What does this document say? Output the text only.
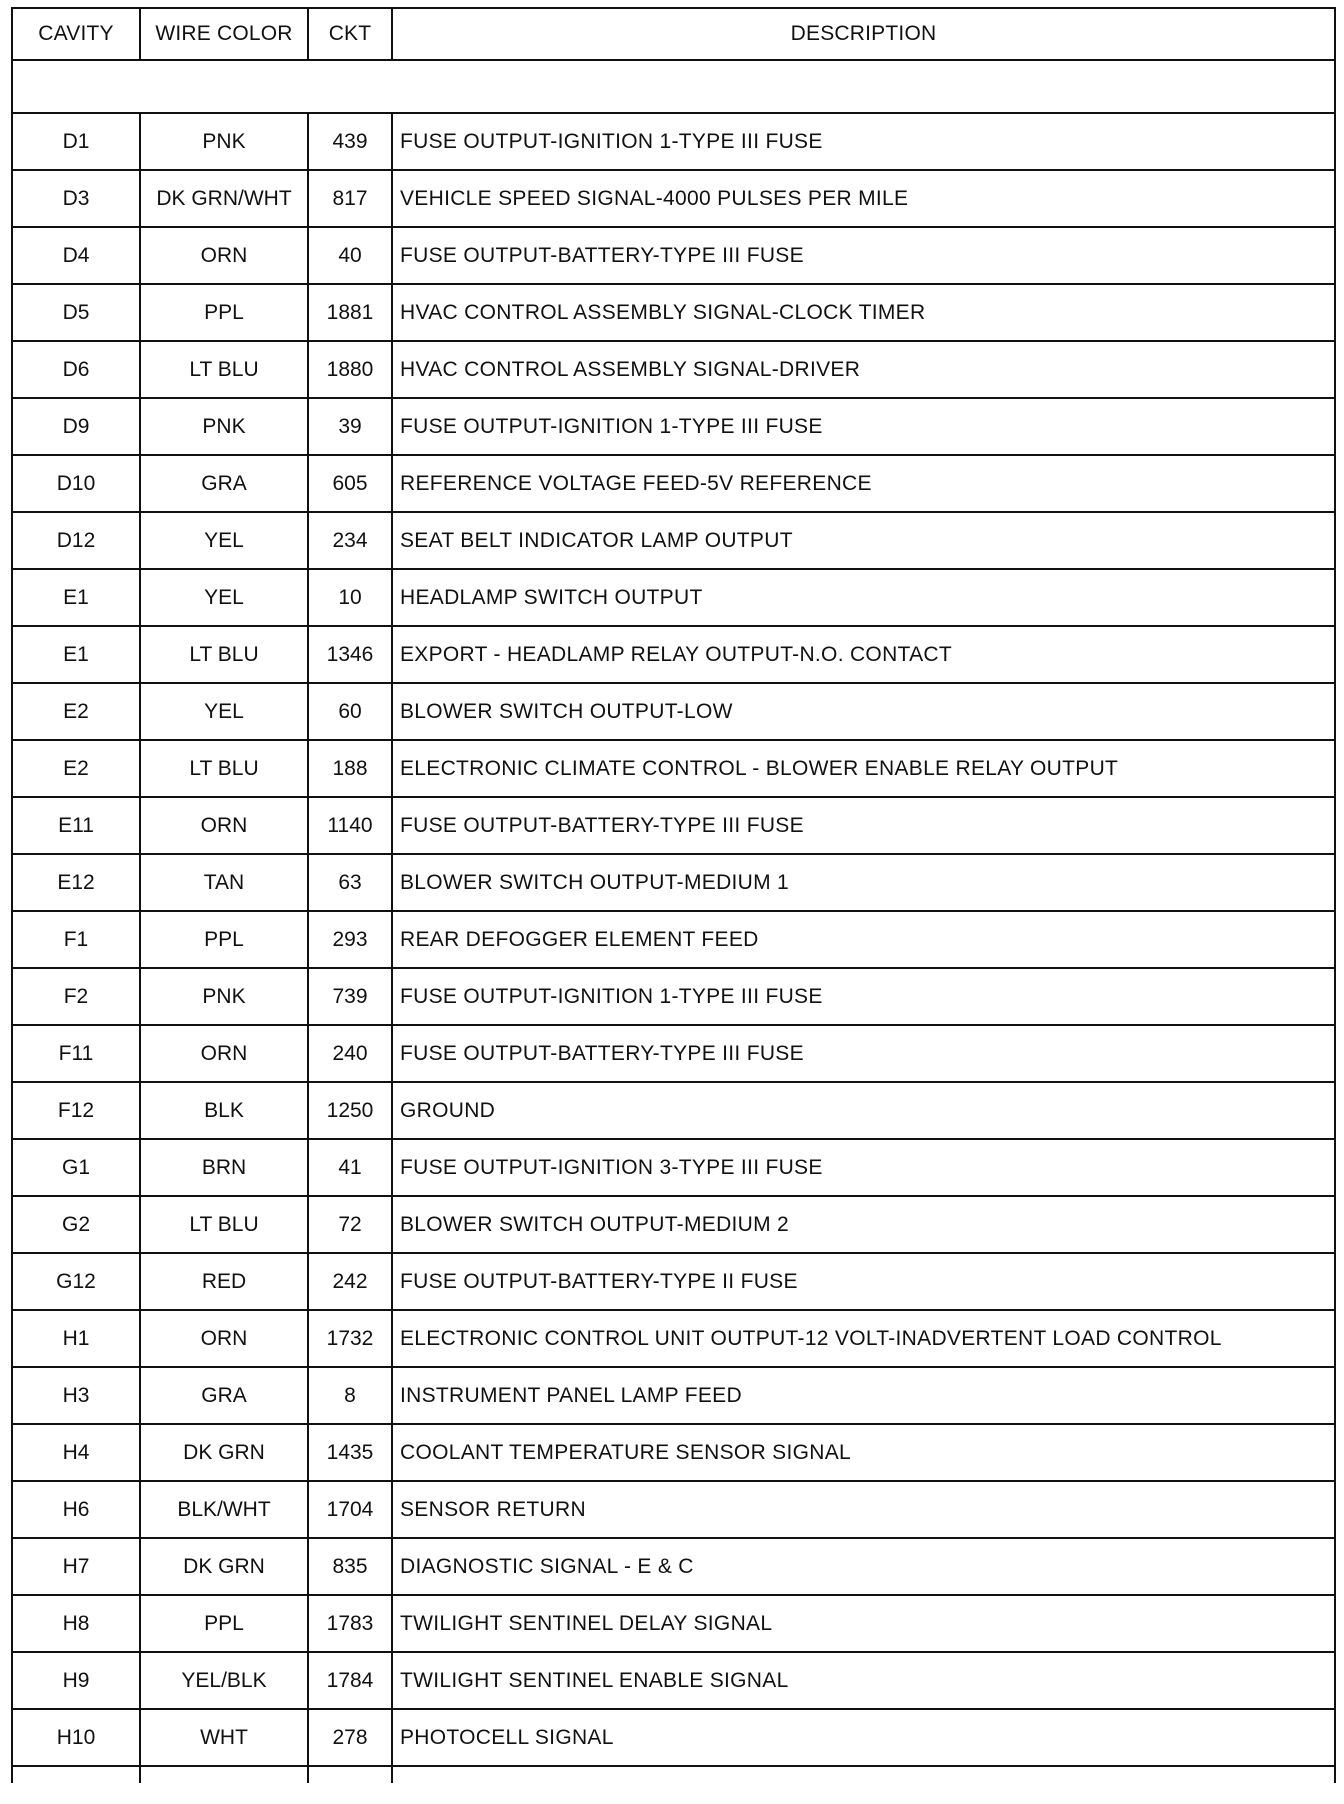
CAVITY	WIRE COLOR	CKT	DESCRIPTION

D1	PNK	439	FUSE OUTPUT-IGNITION 1-TYPE III FUSE
D3	DK GRN/WHT	817	VEHICLE SPEED SIGNAL-4000 PULSES PER MILE
D4	ORN	40	FUSE OUTPUT-BATTERY-TYPE III FUSE
D5	PPL	1881	HVAC CONTROL ASSEMBLY SIGNAL-CLOCK TIMER
D6	LT BLU	1880	HVAC CONTROL ASSEMBLY SIGNAL-DRIVER
D9	PNK	39	FUSE OUTPUT-IGNITION 1-TYPE III FUSE
D10	GRA	605	REFERENCE VOLTAGE FEED-5V REFERENCE
D12	YEL	234	SEAT BELT INDICATOR LAMP OUTPUT
E1	YEL	10	HEADLAMP SWITCH OUTPUT
E1	LT BLU	1346	EXPORT - HEADLAMP RELAY OUTPUT-N.O. CONTACT
E2	YEL	60	BLOWER SWITCH OUTPUT-LOW
E2	LT BLU	188	ELECTRONIC CLIMATE CONTROL - BLOWER ENABLE RELAY OUTPUT
E11	ORN	1140	FUSE OUTPUT-BATTERY-TYPE III FUSE
E12	TAN	63	BLOWER SWITCH OUTPUT-MEDIUM 1
F1	PPL	293	REAR DEFOGGER ELEMENT FEED
F2	PNK	739	FUSE OUTPUT-IGNITION 1-TYPE III FUSE
F11	ORN	240	FUSE OUTPUT-BATTERY-TYPE III FUSE
F12	BLK	1250	GROUND
G1	BRN	41	FUSE OUTPUT-IGNITION 3-TYPE III FUSE
G2	LT BLU	72	BLOWER SWITCH OUTPUT-MEDIUM 2
G12	RED	242	FUSE OUTPUT-BATTERY-TYPE II FUSE
H1	ORN	1732	ELECTRONIC CONTROL UNIT OUTPUT-12 VOLT-INADVERTENT LOAD CONTROL
H3	GRA	8	INSTRUMENT PANEL LAMP FEED
H4	DK GRN	1435	COOLANT TEMPERATURE SENSOR SIGNAL
H6	BLK/WHT	1704	SENSOR RETURN
H7	DK GRN	835	DIAGNOSTIC SIGNAL - E & C
H8	PPL	1783	TWILIGHT SENTINEL DELAY SIGNAL
H9	YEL/BLK	1784	TWILIGHT SENTINEL ENABLE SIGNAL
H10	WHT	278	PHOTOCELL SIGNAL
